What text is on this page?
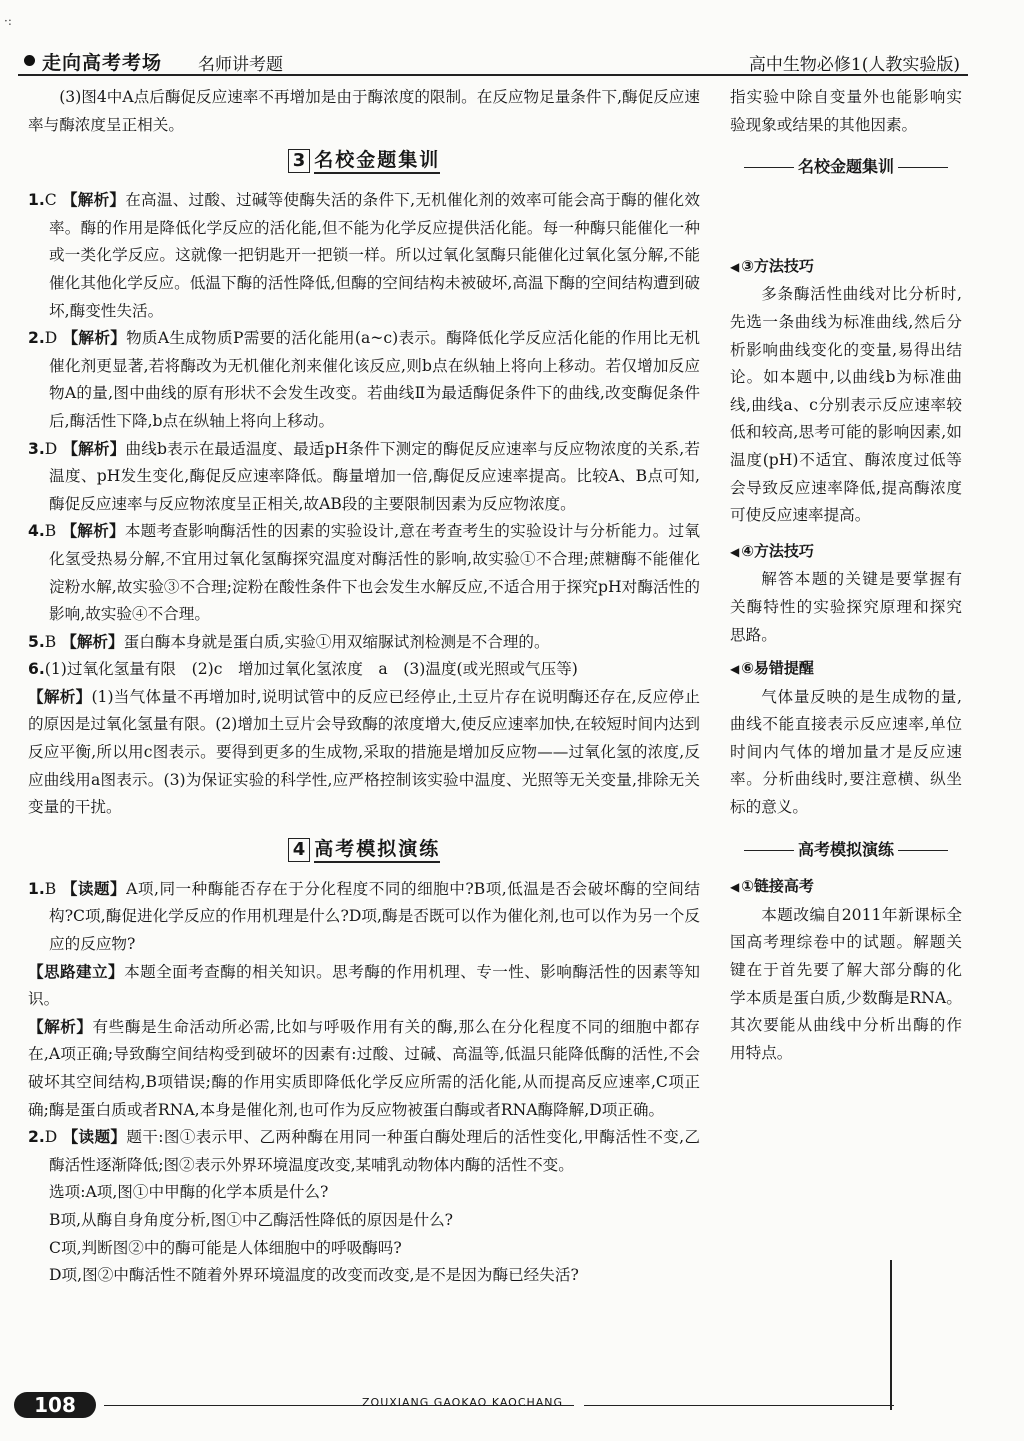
·:
走向高考考场 名师讲考题	高中生物必修1(人教实验版)

(3)图4中A点后酶促反应速率不再增加是由于酶浓度的限制。在反应物足量条件下,酶促反应速率与酶浓度呈正相关。

3 名校金题集训

1.C 【解析】在高温、过酸、过碱等使酶失活的条件下,无机催化剂的效率可能会高于酶的催化效率。酶的作用是降低化学反应的活化能,但不能为化学反应提供活化能。每一种酶只能催化一种或一类化学反应。这就像一把钥匙开一把锁一样。所以过氧化氢酶只能催化过氧化氢分解,不能催化其他化学反应。低温下酶的活性降低,但酶的空间结构未被破坏,高温下酶的空间结构遭到破坏,酶变性失活。

2.D 【解析】物质A生成物质P需要的活化能用(a~c)表示。酶降低化学反应活化能的作用比无机催化剂更显著,若将酶改为无机催化剂来催化该反应,则b点在纵轴上将向上移动。若仅增加反应物A的量,图中曲线的原有形状不会发生改变。若曲线Ⅱ为最适酶促条件下的曲线,改变酶促条件后,酶活性下降,b点在纵轴上将向上移动。

3.D 【解析】曲线b表示在最适温度、最适pH条件下测定的酶促反应速率与反应物浓度的关系,若温度、pH发生变化,酶促反应速率降低。酶量增加一倍,酶促反应速率提高。比较A、B点可知,酶促反应速率与反应物浓度呈正相关,故AB段的主要限制因素为反应物浓度。

4.B 【解析】本题考查影响酶活性的因素的实验设计,意在考查考生的实验设计与分析能力。过氧化氢受热易分解,不宜用过氧化氢酶探究温度对酶活性的影响,故实验①不合理;蔗糖酶不能催化淀粉水解,故实验③不合理;淀粉在酸性条件下也会发生水解反应,不适合用于探究pH对酶活性的影响,故实验④不合理。

5.B 【解析】蛋白酶本身就是蛋白质,实验①用双缩脲试剂检测是不合理的。

6.(1)过氧化氢量有限　(2)c　增加过氧化氢浓度　a　(3)温度(或光照或气压等)

【解析】(1)当气体量不再增加时,说明试管中的反应已经停止,土豆片存在说明酶还存在,反应停止的原因是过氧化氢量有限。(2)增加土豆片会导致酶的浓度增大,使反应速率加快,在较短时间内达到反应平衡,所以用c图表示。要得到更多的生成物,采取的措施是增加反应物——过氧化氢的浓度,反应曲线用a图表示。(3)为保证实验的科学性,应严格控制该实验中温度、光照等无关变量,排除无关变量的干扰。

4 高考模拟演练

1.B 【读题】A项,同一种酶能否存在于分化程度不同的细胞中?B项,低温是否会破坏酶的空间结构?C项,酶促进化学反应的作用机理是什么?D项,酶是否既可以作为催化剂,也可以作为另一个反应的反应物?

【思路建立】本题全面考查酶的相关知识。思考酶的作用机理、专一性、影响酶活性的因素等知识。

【解析】有些酶是生命活动所必需,比如与呼吸作用有关的酶,那么在分化程度不同的细胞中都存在,A项正确;导致酶空间结构受到破坏的因素有:过酸、过碱、高温等,低温只能降低酶的活性,不会破坏其空间结构,B项错误;酶的作用实质即降低化学反应所需的活化能,从而提高反应速率,C项正确;酶是蛋白质或者RNA,本身是催化剂,也可作为反应物被蛋白酶或者RNA酶降解,D项正确。

2.D 【读题】题干:图①表示甲、乙两种酶在用同一种蛋白酶处理后的活性变化,甲酶活性不变,乙酶活性逐渐降低;图②表示外界环境温度改变,某哺乳动物体内酶的活性不变。

选项:A项,图①中甲酶的化学本质是什么?

B项,从酶自身角度分析,图①中乙酶活性降低的原因是什么?

C项,判断图②中的酶可能是人体细胞中的呼吸酶吗?

D项,图②中酶活性不随着外界环境温度的改变而改变,是不是因为酶已经失活?

指实验中除自变量外也能影响实验现象或结果的其他因素。

名校金题集训
◀ ③方法技巧

多条酶活性曲线对比分析时,先选一条曲线为标准曲线,然后分析影响曲线变化的变量,易得出结论。如本题中,以曲线b为标准曲线,曲线a、c分别表示反应速率较低和较高,思考可能的影响因素,如温度(pH)不适宜、酶浓度过低等会导致反应速率降低,提高酶浓度可使反应速率提高。

◀ ④方法技巧

解答本题的关键是要掌握有关酶特性的实验探究原理和探究思路。

◀ ⑥易错提醒

气体量反映的是生成物的量,曲线不能直接表示反应速率,单位时间内气体的增加量才是反应速率。分析曲线时,要注意横、纵坐标的意义。

高考模拟演练
◀ ①链接高考

本题改编自2011年新课标全国高考理综卷中的试题。解题关键在于首先要了解大部分酶的化学本质是蛋白质,少数酶是RNA。其次要能从曲线中分析出酶的作用特点。

108	ZOUXIANG GAOKAO KAOCHANG
